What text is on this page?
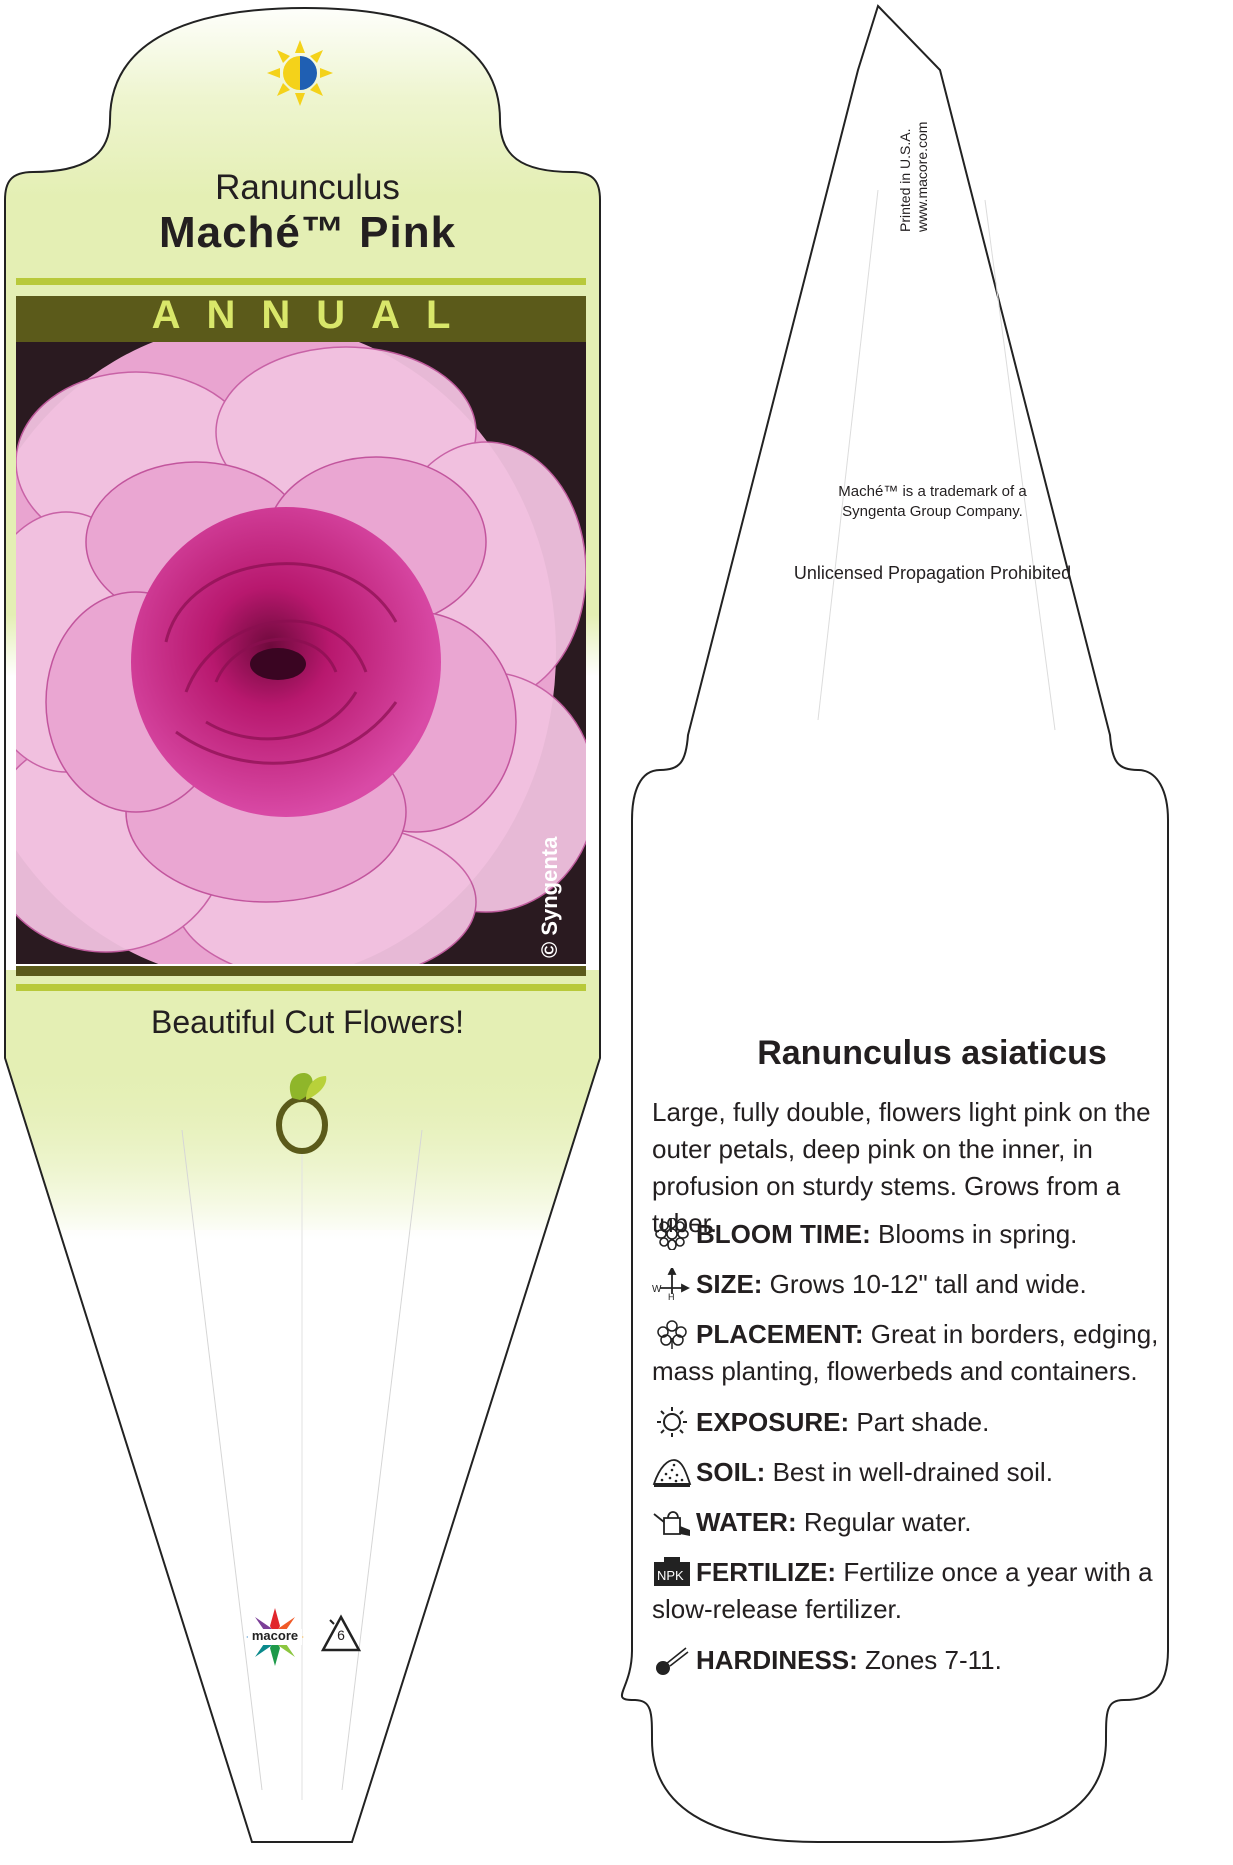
Ranunculus
Maché™ Pink
ANNUAL
© Syngenta
Beautiful Cut Flowers!
macore	6
Printed in U.S.A. www.macore.com
Maché™ is a trademark of a
Syngenta Group Company.
Unlicensed Propagation Prohibited
Ranunculus asiaticus
Large, fully double, flowers light pink on the outer petals, deep pink on the inner, in profusion on sturdy stems. Grows from a tuber.
BLOOM TIME: Blooms in spring.
W
H SIZE: Grows 10-12" tall and wide.
PLACEMENT: Great in borders, edging, mass planting, flowerbeds and containers.
EXPOSURE: Part shade.
SOIL: Best in well-drained soil.
WATER: Regular water.
NPK FERTILIZE: Fertilize once a year with a slow-release fertilizer.
HARDINESS: Zones 7-11.
